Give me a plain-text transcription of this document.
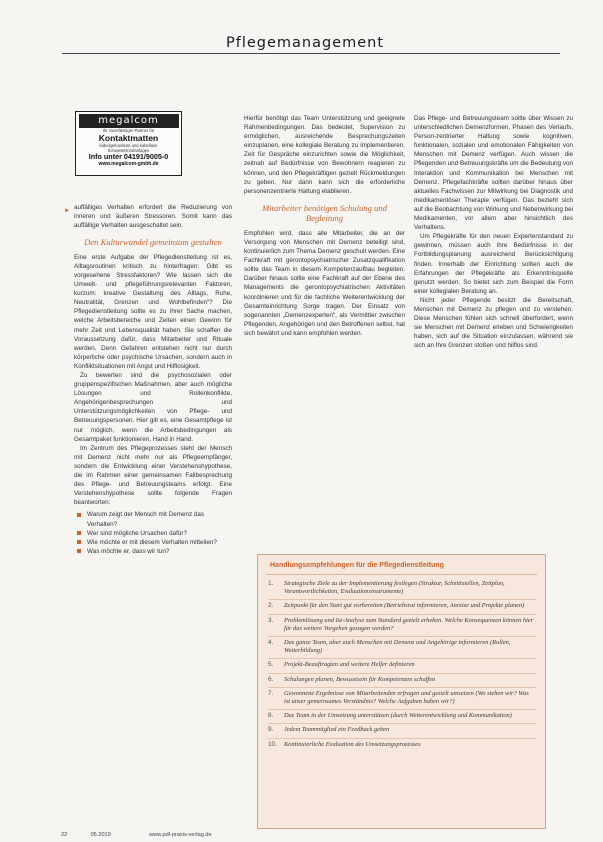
Pflegemanagement
megalcom
Ihr zuverlässiger Partner für
Kontaktmatten
kabelgebundene und kabellose
Schwesternrufanlagen
Info unter 04191/9005-0
www.megalcom-gmbh.de
► auffälliges Verhalten erfordert die Reduzierung von inneren und äußeren Stressoren. Somit kann das auffällige Verhalten ausgeschaltet sein.

Den Kulturwandel gemeinsam gestalten

Eine erste Aufgabe der Pflegedienstleitung ist es, Alltagsroutinen kritisch zu hinterfragen: Gibt es vorgesehene Stressfaktoren? Wie lassen sich die Umwelt- und pflegeführungsrelevanten Faktoren, kurzum: kreative Gestaltung des Alltags, Ruhe, Neutralität, Grenzen und Wohlbefinden“? Die Pflegedienstleitung sollte es zu ihrer Sache machen, welche Arbeitsbereiche und Zeiten einen Gewinn für mehr Zeit und Lebensqualität haben. Sie schaffen die Voraussetzung dafür, dass Mitarbeiter und Rituale werden. Denn Gefahren entstehen nicht nur durch körperliche oder psychische Ursachen, sondern auch in Konfliktsituationen mit Angst und Hilflosigkeit.

Zu bewerten sind die psychosozialen oder gruppenspezifischen Maßnahmen, aber auch mögliche Lösungen und Rollenkonflikte, Angehörigenbesprechungen und Unterstützungsmöglichkeiten von Pflege- und Betreuungspersonen. Hier gilt es, eine Gesamtpflege ist nur möglich, wenn die Arbeitsbedingungen als Gesamtpaket funktionieren, Hand in Hand.

Im Zentrum des Pflegeprozesses steht der Mensch mit Demenz nicht mehr nur als Pflegeempfänger, sondern die Entwicklung einer Verstehenshypothese, die im Rahmen einer gemeinsamen Fallbesprechung des Pflege- und Betreuungsteams erfolgt. Eine Verstehenshypothese sollte folgende Fragen beantworten:

Warum zeigt der Mensch mit Demenz das Verhalten?
Wer sind mögliche Ursachen dafür?
Wie möchte er mit diesem Verhalten mitteilen?
Was möchte er, dass wir tun?

Hierfür benötigt das Team Unterstützung und geeignete Rahmenbedingungen. Das bedeutet, Supervision zu ermöglichen, ausreichende Besprechungszeiten einzuplanen, eine kollegiale Beratung zu implementieren. Zeit für Gespräche einzurichten sowie die Möglichkeit, zeitnah auf Bedürfnisse von Bewohnern reagieren zu können, und den Pflegekräftigen gezielt Rückmeldungen zu geben. Nur dann kann sich die erforderliche personenzentrierte Haltung etablieren.

Mitarbeiter benötigen Schulung und Begleitung

Empfohlen wird, dass alle Mitarbeiter, die an der Versorgung von Menschen mit Demenz beteiligt sind, kontinuierlich zum Thema Demenz geschult werden. Eine Fachkraft mit gerontopsychiatrischer Zusatzqualifikation sollte das Team in diesem Kompetenzaufbau begleiten. Darüber hinaus sollte eine Fachkraft auf der Ebene des Managements die gerontopsychiatrischen Aktivitäten koordinieren und für die fachliche Weiterentwicklung der Gesamteinrichtung Sorge tragen. Der Einsatz von sogenannten „Demenzexperten“, als Vermittler zwischen Pflegenden, Angehörigen und den Betroffenen selbst, hat sich bewährt und kann empfohlen werden.

Das Pflege- und Betreuungsteam sollte über Wissen zu unterschiedlichen Demenzformen, Phasen des Verlaufs, Person-zentrierter Haltung sowie kognitiven, funktionalen, sozialen und emotionalen Fähigkeiten von Menschen mit Demenz verfügen. Auch wissen die Pflegenden und Betreuungskräfte um die Bedeutung von Interaktion und Kommunikation bei Menschen mit Demenz. Pflegefachkräfte sollten darüber hinaus über aktuelles Fachwissen zur Mitwirkung bei Diagnostik und medikamentöser Therapie verfügen. Das bezieht sich auf die Beobachtung von Wirkung und Nebenwirkung bei Medikamenten, vor allem aber hinsichtlich des Verhaltens.

Um Pflegekräfte für den neuen Expertenstandard zu gewinnen, müssen auch ihre Bedürfnisse in der Fortbildungsplanung ausreichend Berücksichtigung finden. Innerhalb der Einrichtung sollten auch die Erfahrungen der Pflegekräfte als Erkenntnisquelle genutzt werden. So bietet sich zum Beispiel die Form einer kollegialen Beratung an.

Nicht jeder Pflegende besitzt die Bereitschaft, Menschen mit Demenz zu pflegen und zu verstehen. Diese Menschen fühlen sich schnell überfordert, wenn sie Menschen mit Demenz erleben und Schwierigkeiten haben, sich auf die Situation einzulassen, während sie sich an Ihre Grenzen stoßen und hilflos sind.

Handlungsempfehlungen für die Pflegedienstleitung
1.	Strategische Ziele zu der Implementierung festlegen (Struktur, Schnittstellen, Zeitplan, Verantwortlichkeiten, Evaluationsinstrumente)
2.	Zeitpunkt für den Start gut vorbereiten (Betriebsrat informieren, Anreize und Projekte planen)
3.	Problemlösung und Ist-Analyse zum Standard gezielt erheben. Welche Konsequenzen können hier für das weitere Vorgehen gezogen werden?
4.	Das ganze Team, aber auch Menschen mit Demenz und Angehörige informieren (Rollen, Weiterbildung)
5.	Projekt-Beauftragten und weitere Helfer definieren
6.	Schulungen planen, Bewusstsein für Kompetenzen schaffen
7.	Gewonnene Ergebnisse von Mitarbeitenden erfragen und gezielt umsetzen (Wo stehen wir? Was ist unser gemeinsames Verständnis? Welche Aufgaben haben wir?)
8.	Das Team in der Umsetzung unterstützen (durch Weiterentwicklung und Kommunikation)
9.	Jedem Teammitglied ein Feedback geben
10.	Kontinuierliche Evaluation des Umsetzungsprozesses
22	05.2019	www.pdl-praxis-verlag.de
